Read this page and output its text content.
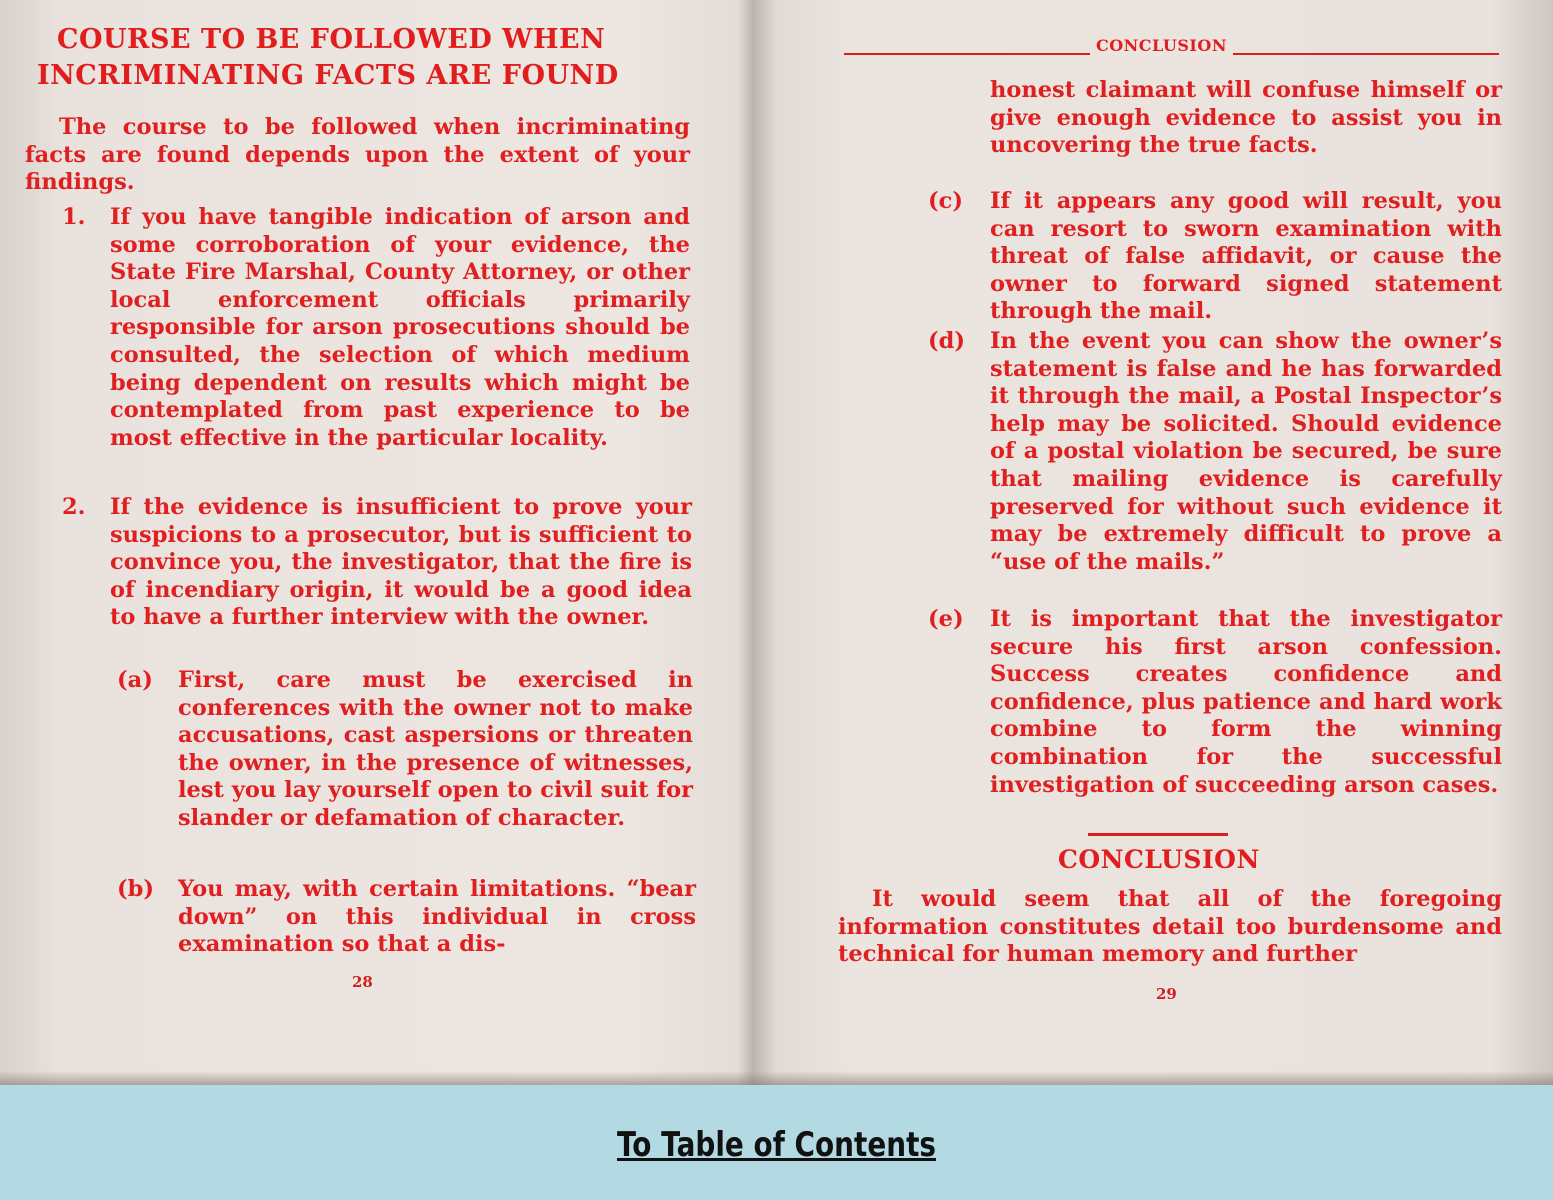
COURSE TO BE FOLLOWED WHEN
INCRIMINATING FACTS ARE FOUND

The course to be followed when incriminating facts are found depends upon the extent of your findings.

1. If you have tangible indication of arson and some corroboration of your evidence, the State Fire Marshal, County Attorney, or other local enforcement officials primarily responsible for arson prosecutions should be consulted, the selection of which medium being dependent on results which might be contemplated from past experience to be most effective in the particular locality.

2. If the evidence is insufficient to prove your suspicions to a prosecutor, but is sufficient to convince you, the investigator, that the fire is of incendiary origin, it would be a good idea to have a further interview with the owner.

(a) First, care must be exercised in conferences with the owner not to make accusations, cast aspersions or threaten the owner, in the presence of witnesses, lest you lay yourself open to civil suit for slander or defamation of character.

(b) You may, with certain limitations. “bear down” on this individual in cross examination so that a dis-

28
CONCLUSION

honest claimant will confuse himself or give enough evidence to assist you in uncovering the true facts.

(c) If it appears any good will result, you can resort to sworn examination with threat of false affidavit, or cause the owner to forward signed statement through the mail.

(d) In the event you can show the owner’s statement is false and he has forwarded it through the mail, a Postal Inspector’s help may be solicited. Should evidence of a postal violation be secured, be sure that mailing evidence is carefully preserved for without such evidence it may be extremely difficult to prove a “use of the mails.”

(e) It is important that the investigator secure his first arson confession. Success creates confidence and confidence, plus patience and hard work combine to form the winning combination for the successful investigation of succeeding arson cases.

CONCLUSION

It would seem that all of the foregoing information constitutes detail too burdensome and technical for human memory and further

29
To Table of Contents
